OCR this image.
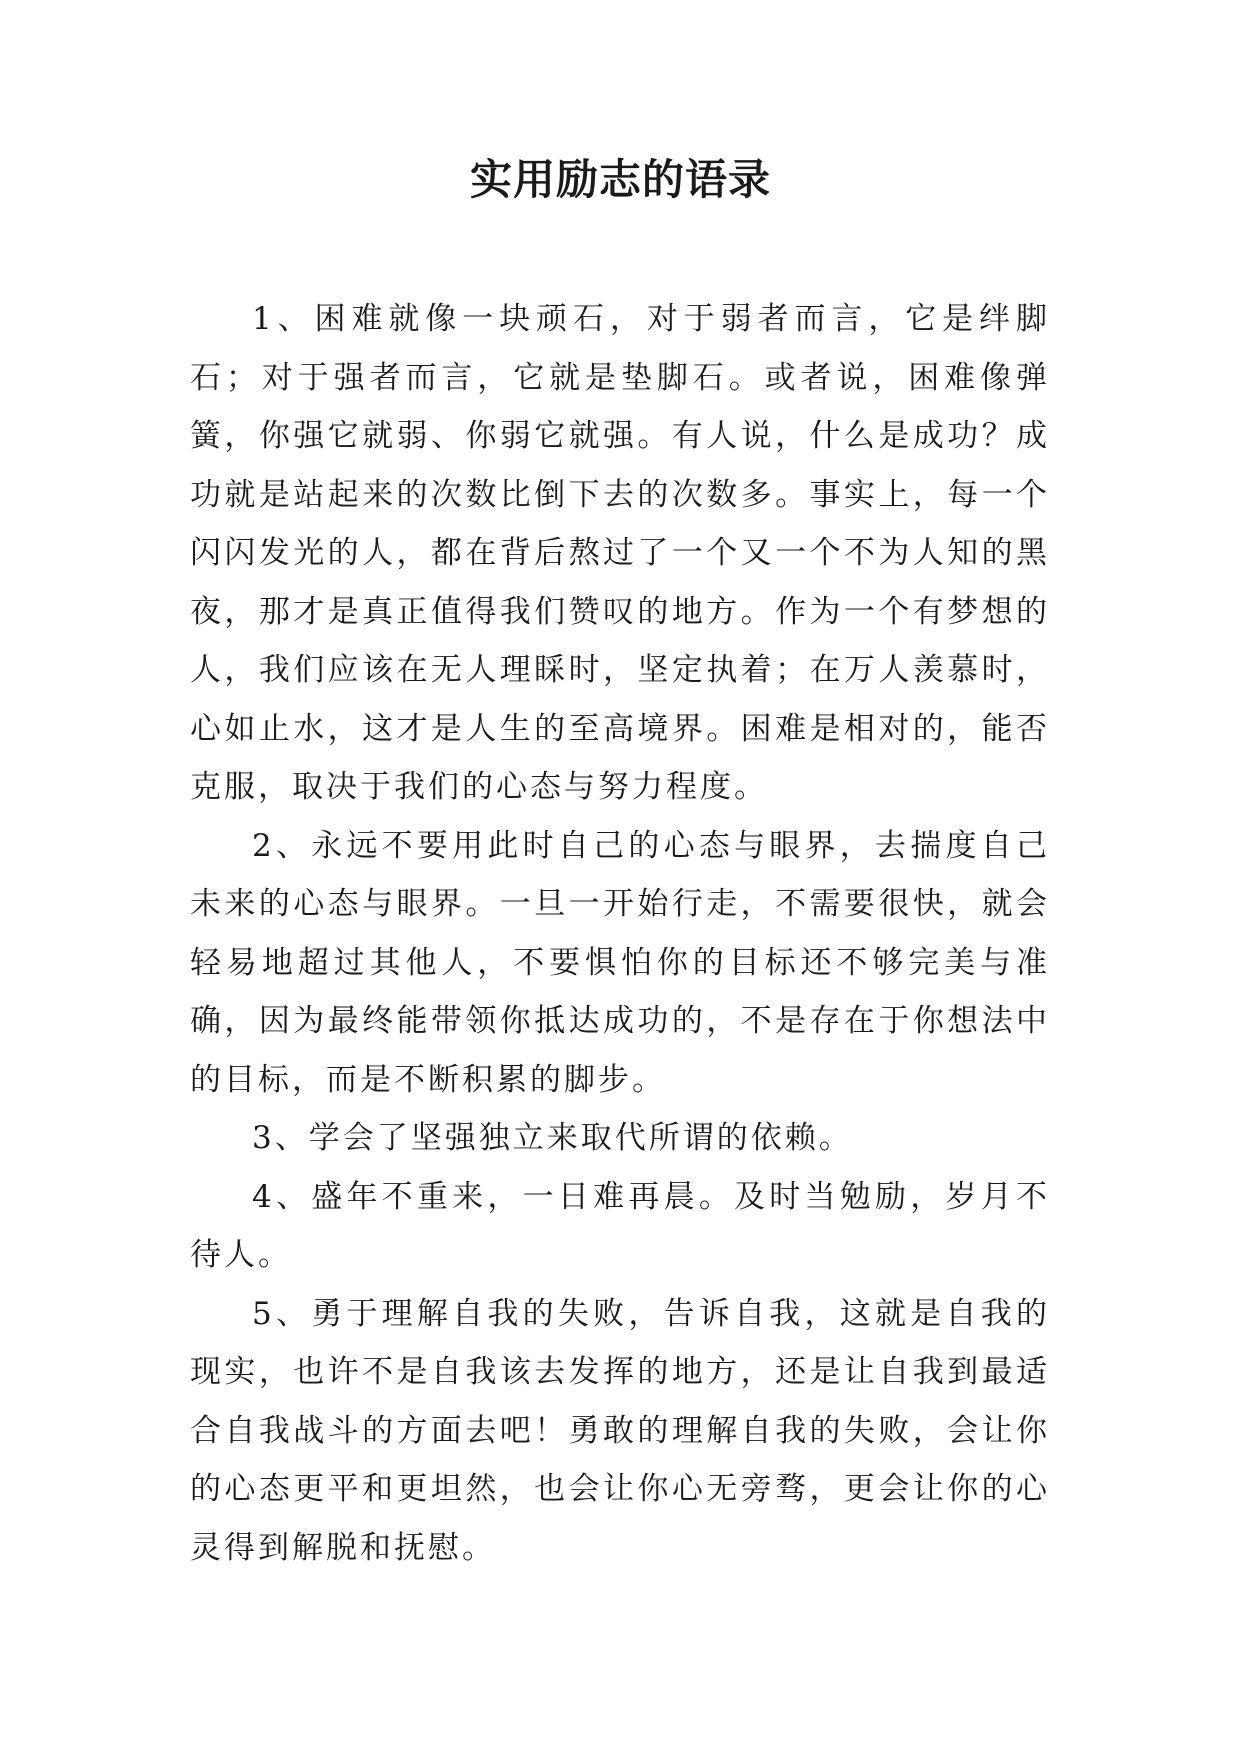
实用励志的语录

1、困难就像一块顽石，对于弱者而言，它是绊脚石；对于强者而言，它就是垫脚石。或者说，困难像弹簧，你强它就弱、你弱它就强。有人说，什么是成功？成功就是站起来的次数比倒下去的次数多。事实上，每一个闪闪发光的人，都在背后熬过了一个又一个不为人知的黑夜，那才是真正值得我们赞叹的地方。作为一个有梦想的人，我们应该在无人理睬时，坚定执着；在万人羡慕时，心如止水，这才是人生的至高境界。困难是相对的，能否克服，取决于我们的心态与努力程度。

2、永远不要用此时自己的心态与眼界，去揣度自己未来的心态与眼界。一旦一开始行走，不需要很快，就会轻易地超过其他人，不要惧怕你的目标还不够完美与准确，因为最终能带领你抵达成功的，不是存在于你想法中的目标，而是不断积累的脚步。

3、学会了坚强独立来取代所谓的依赖。

4、盛年不重来，一日难再晨。及时当勉励，岁月不待人。

5、勇于理解自我的失败，告诉自我，这就是自我的现实，也许不是自我该去发挥的地方，还是让自我到最适合自我战斗的方面去吧！勇敢的理解自我的失败，会让你的心态更平和更坦然，也会让你心无旁骛，更会让你的心灵得到解脱和抚慰。
